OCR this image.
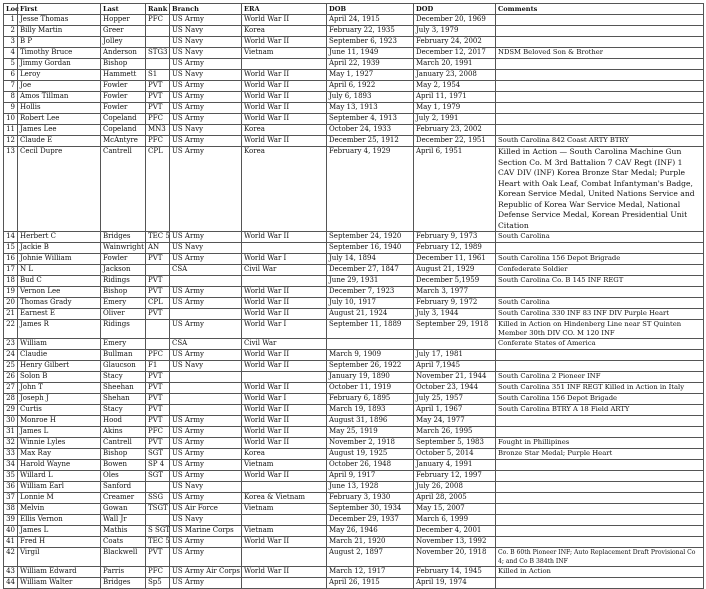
Loc	First	Last	Rank	Branch	ERA	DOB	DOD	Comments
1	Jesse Thomas	Hopper	PFC	US Army	World War II	April 24, 1915	December 20, 1969	
2	Billy Martin	Greer		US Navy	Korea	February 22, 1935	July 3, 1979	
3	B P	Jolley		US Navy	World War II	September 6, 1923	February 24, 2002	
4	Timothy Bruce	Anderson	STG3	US Navy	Vietnam	June 11, 1949	December 12, 2017	NDSM Beloved Son & Brother
5	Jimmy Gordan	Bishop		US Army		April 22, 1939	March 20, 1991	
6	Leroy	Hammett	S1	US Navy	World War II	May 1, 1927	January 23, 2008	
7	Joe	Fowler	PVT	US Army	World War II	April 6, 1922	May 2, 1954	
8	Amos Tillman	Fowler	PVT	US Army	World War II	July 6, 1893	April 11, 1971	
9	Hollis	Fowler	PVT	US Army	World War II	May 13, 1913	May 1, 1979	
10	Robert Lee	Copeland	PFC	US Army	World War II	September 4, 1913	July 2, 1991	
11	James Lee	Copeland	MN3	US Navy	Korea	October 24, 1933	February 23, 2002	
12	Claude E	McAntyre	PFC	US Army	World War II	December 25, 1912	December 22, 1951	South Carolina 842 Coast ARTY BTRY
13	Cecil Dupre	Cantrell	CPL	US Army	Korea	February 4, 1929	April 6, 1951	Killed in Action — South Carolina Machine Gun Section Co. M 3rd Battalion 7 CAV Regt (INF) 1 CAV DIV (INF) Korea Bronze Star Medal; Purple Heart with Oak Leaf, Combat Infantyman's Badge, Korean Service Medal, United Nations Service and Republic of Korea War Service Medal, National Defense Service Medal, Korean Presidential Unit Citation
14	Herbert C	Bridges	TEC 5	US Army	World War II	September 24, 1920	February 9, 1973	South Carolina
15	Jackie B	Wainwright	AN	US Navy		September 16, 1940	February 12, 1989	
16	Johnie William	Fowler	PVT	US Army	World War I	July 14, 1894	December 11, 1961	South Carolina 156 Depot Brigrade
17	N L	Jackson		CSA	Civil War	December 27, 1847	August 21, 1929	Confederate Soldier
18	Bud C	Ridings	PVT			June 29, 1931	December 5,1959	South Carolina Co. B 145 INF REGT
19	Vernon Lee	Bishop	PVT	US Army	World War II	December 7, 1923	March 3, 1977	
20	Thomas Grady	Emery	CPL	US Army	World War II	July 10, 1917	February 9, 1972	South Carolina
21	Earnest E	Oliver	PVT		World War II	August 21, 1924	July 3, 1944	South Carolina 330 INF 83 INF DIV Purple Heart
22	James R	Ridings		US Army	World War I	September 11, 1889	September 29, 1918	Killed in Action on Hindenberg Line near ST Quinten Member 30th DIV CO. M 120 INF
23	William	Emery		CSA	Civil War			Conferate States of America
24	Claudie	Bullman	PFC	US Army	World War II	March 9, 1909	July 17, 1981	
25	Henry Gilbert	Glaucson	F1	US Navy	World War II	September 26, 1922	April 7,1945	
26	Solon B	Stacy	PVT			January 19, 1890	November 21, 1944	South Carolina 2 Pioneer INF
27	John T	Sheehan	PVT		World War II	October 11, 1919	October 23, 1944	South Carolina 351 INF REGT Killed in Action in Italy
28	Joseph J	Shehan	PVT		World War I	February 6, 1895	July 25, 1957	South Carolina 156 Depot Brigade
29	Curtis	Stacy	PVT		World War II	March 19, 1893	April 1, 1967	South Carolina BTRY A 18 Field ARTY
30	Monroe H	Hood	PVT	US Army	World War II	August 31, 1896	May 24, 1977	
31	James L	Akins	PFC	US Army	World War II	May 25, 1919	March 26, 1995	
32	Winnie Lyles	Cantrell	PVT	US Army	World War II	November 2, 1918	September 5, 1983	Fought in Phillipines
33	Max Ray	Bishop	SGT	US Army	Korea	August 19, 1925	October 5, 2014	Bronze Star Medal; Purple Heart
34	Harold Wayne	Bowen	SP 4	US Army	Vietnam	October 26, 1948	January 4, 1991	
35	Willard L	Oles	SGT	US Army	World War II	April 9, 1917	February 12, 1997	
36	William Earl	Sanford		US Navy		June 13, 1928	July 26, 2008	
37	Lonnie M	Creamer	SSG	US Army	Korea & Vietnam	February 3, 1930	April 28, 2005	
38	Melvin	Gowan	TSGT	US Air Force	Vietnam	September 30, 1934	May 15, 2007	
39	Ellis Vernon	Wall Jr		US Navy		December 29, 1937	March 6, 1999	
40	James L	Mathis	S SGT	US Marine Corps	Vietnam	May 26, 1946	December 4, 2001	
41	Fred H	Coats	TEC 5	US Army	World War II	March 21, 1920	November 13, 1992	
42	Virgil	Blackwell	PVT	US Army		August 2, 1897	November 20, 1918	Co. B 60th Pioneer INF; Auto Replacement Draft Provisional Co 4; and Co B 384th INF
43	William Edward	Parris	PFC	US Army Air Corps	World War II	March 12, 1917	February 14, 1945	Killed in Action
44	William Walter	Bridges	Sp5	US Army		April 26, 1915	April 19, 1974	
